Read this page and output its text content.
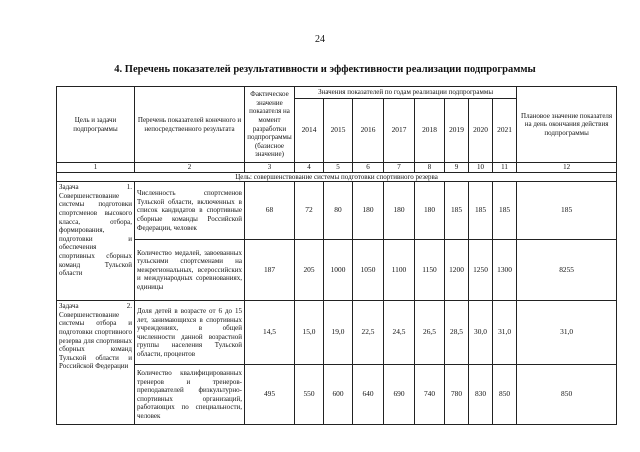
24
4. Перечень показателей результативности и эффективности реализации подпрограммы
Цель и задачи подпрограммы	Перечень показателей конечного и непосредственного результата	Фактическое значение показателя на момент разработки подпрограммы (базисное значение)	Значения показателей по годам реализации подпрограммы								Плановое значение показателя на день окончания действия подпрограммы
			2014	2015	2016	2017	2018	2019	2020	2021	
1	2	3	4	5	6	7	8	9	10	11	12
Цель: совершенствование системы подготовки спортивного резерва											
Задача 1. Совершенствование системы подготовки спортсменов высокого класса, отбора, формирования, подготовки и обеспечения спортивных сборных команд Тульской области	Численность спортсменов Тульской области, включенных в список кандидатов в спортивные сборные команды Российской Федерации, человек	68	72	80	180	180	180	185	185	185	185
	Количество медалей, завоеванных тульскими спортсменами на межрегиональных, всероссийских и международных соревнованиях, единицы	187	205	1000	1050	1100	1150	1200	1250	1300	8255
Задача 2. Совершенствование системы отбора и подготовки спортивного резерва для спортивных сборных команд Тульской области и Российской Федерации	Доля детей в возрасте от 6 до 15 лет, занимающихся в спортивных учреждениях, в общей численности данной возрастной группы населения Тульской области, процентов	14,5	15,0	19,0	22,5	24,5	26,5	28,5	30,0	31,0	31,0
	Количество квалифицированных тренеров и тренеров-преподавателей физкультурно-спортивных организаций, работающих по специальности, человек	495	550	600	640	690	740	780	830	850	850
